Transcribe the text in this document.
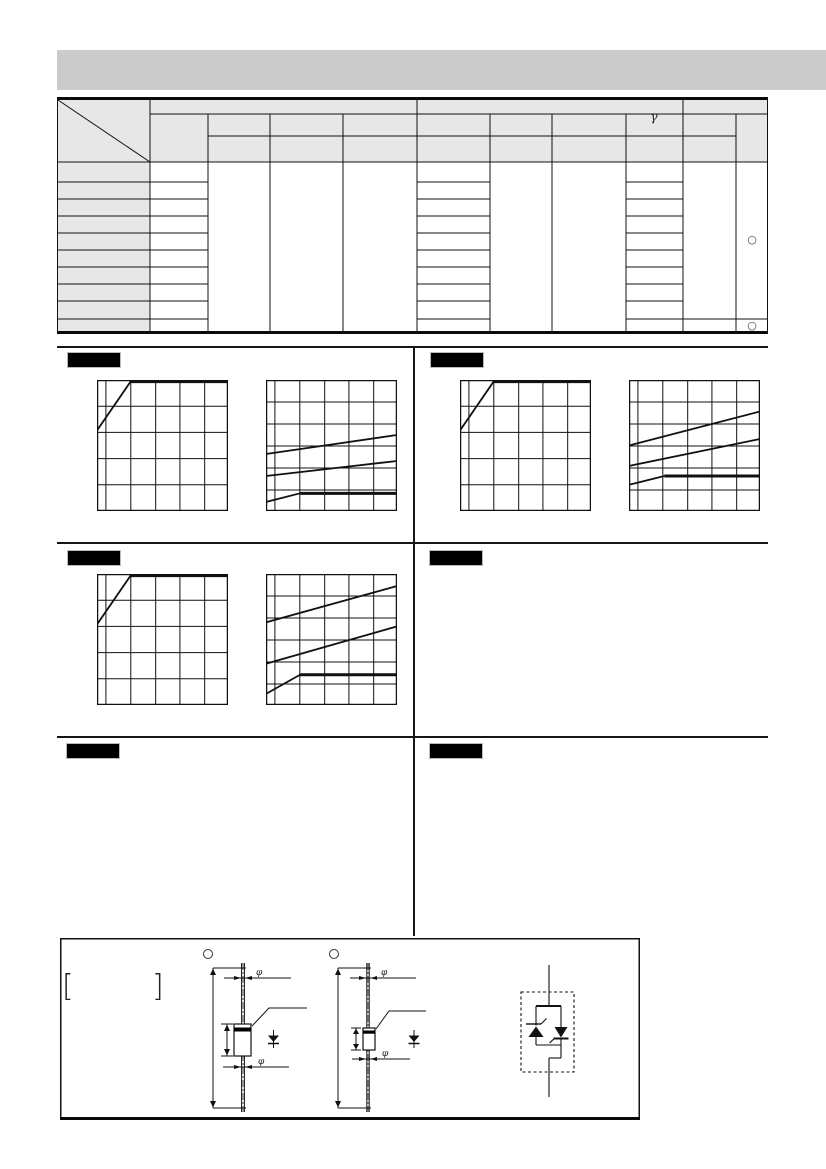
γ
○
○
φ
φ
φ
φ
[	]
